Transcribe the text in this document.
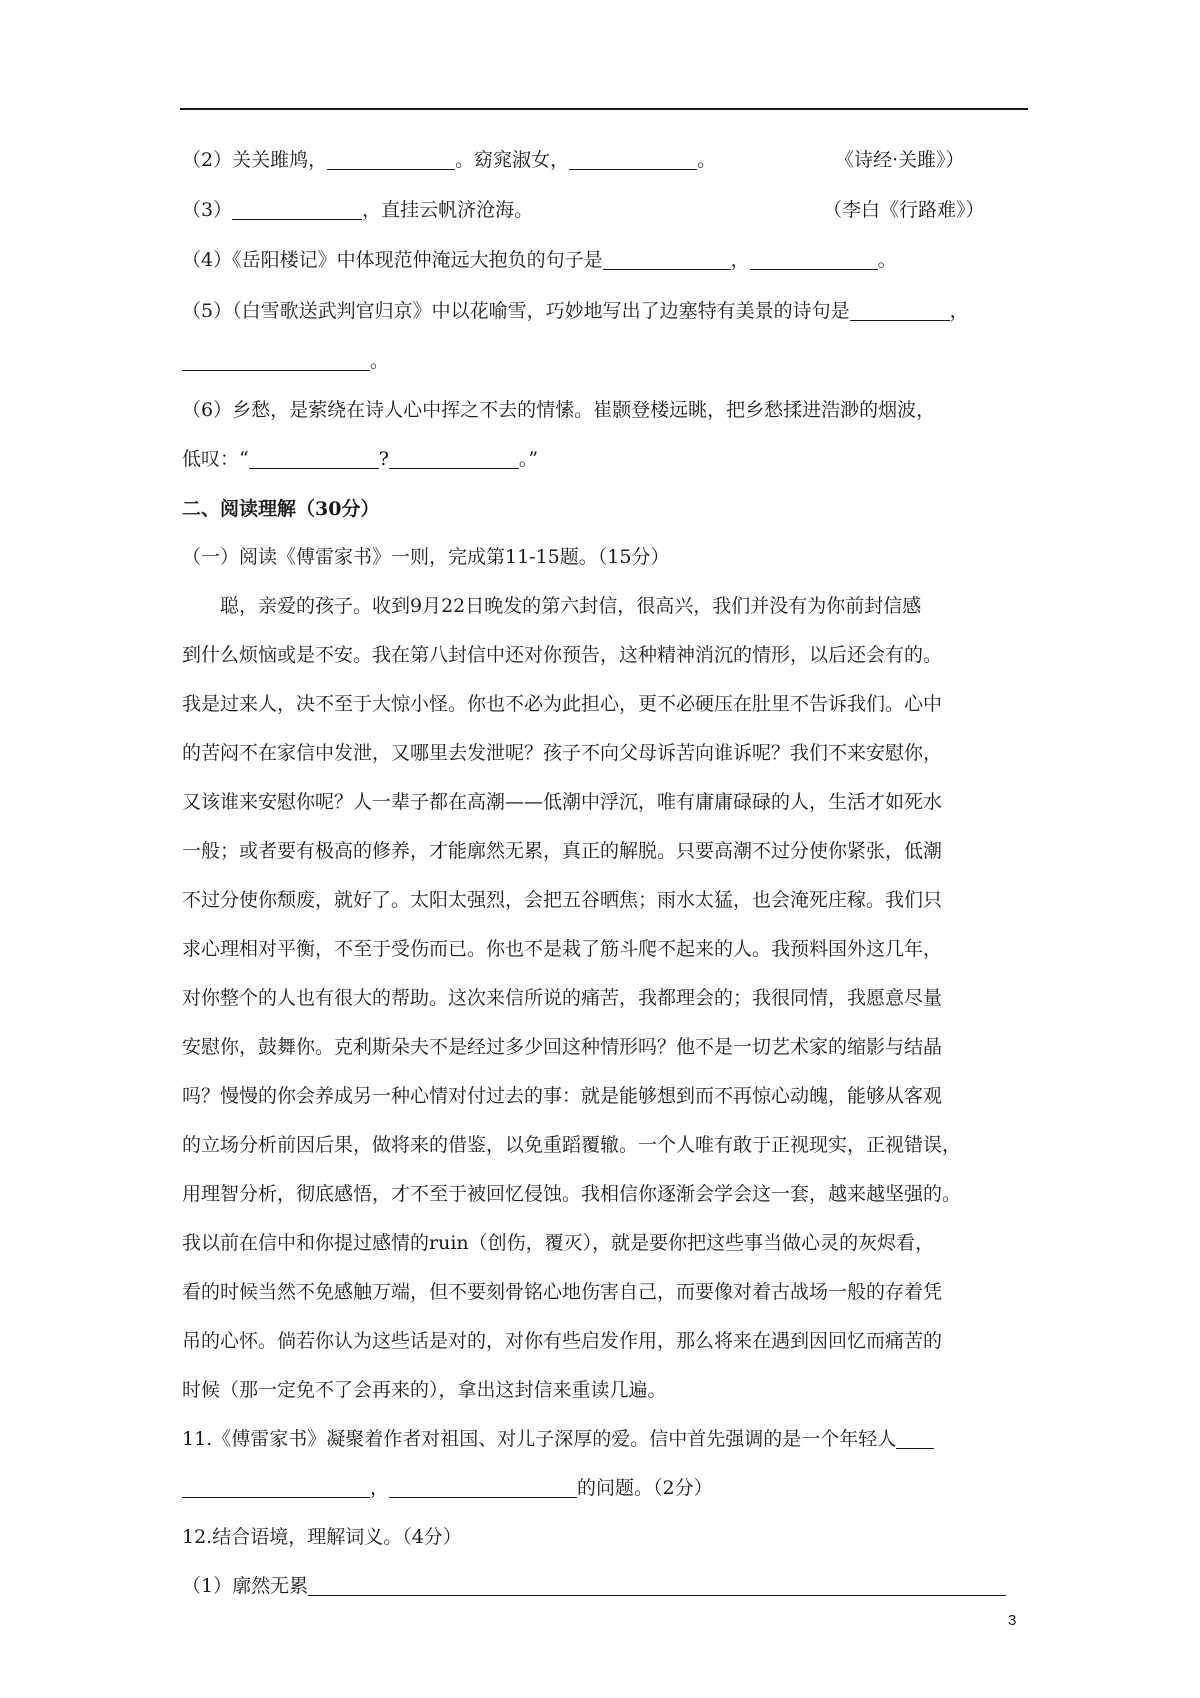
（2）关关雎鸠，	。窈窕淑女，	。	《诗经·关雎》）
（3）	，直挂云帆济沧海。	（李白《行路难》）
（4）《岳阳楼记》中体现范仲淹远大抱负的句子是	，	。
（5）（白雪歌送武判官归京》中以花喻雪，巧妙地写出了边塞特有美景的诗句是	，
。
（6）乡愁，是萦绕在诗人心中挥之不去的情愫。崔颢登楼远眺，把乡愁揉进浩渺的烟波，
低叹：“	?	。”
二、阅读理解（30分）
（一）阅读《傅雷家书》一则，完成第11-15题。（15分）
聪，亲爱的孩子。收到9月22日晚发的第六封信，很高兴，我们并没有为你前封信感
到什么烦恼或是不安。我在第八封信中还对你预告，这种精神消沉的情形，以后还会有的。
我是过来人，决不至于大惊小怪。你也不必为此担心，更不必硬压在肚里不告诉我们。心中
的苦闷不在家信中发泄，又哪里去发泄呢？孩子不向父母诉苦向谁诉呢？我们不来安慰你，
又该谁来安慰你呢？人一辈子都在高潮——低潮中浮沉，唯有庸庸碌碌的人，生活才如死水
一般；或者要有极高的修养，才能廓然无累，真正的解脱。只要高潮不过分使你紧张，低潮
不过分使你颓废，就好了。太阳太强烈，会把五谷晒焦；雨水太猛，也会淹死庄稼。我们只
求心理相对平衡，不至于受伤而已。你也不是栽了筋斗爬不起来的人。我预料国外这几年，
对你整个的人也有很大的帮助。这次来信所说的痛苦，我都理会的；我很同情，我愿意尽量
安慰你，鼓舞你。克利斯朵夫不是经过多少回这种情形吗？他不是一切艺术家的缩影与结晶
吗？慢慢的你会养成另一种心情对付过去的事：就是能够想到而不再惊心动魄，能够从客观
的立场分析前因后果，做将来的借鉴，以免重蹈覆辙。一个人唯有敢于正视现实，正视错误，
用理智分析，彻底感悟，才不至于被回忆侵蚀。我相信你逐渐会学会这一套，越来越坚强的。
我以前在信中和你提过感情的ruin（创伤，覆灭），就是要你把这些事当做心灵的灰烬看，
看的时候当然不免感触万端，但不要刻骨铭心地伤害自己，而要像对着古战场一般的存着凭
吊的心怀。倘若你认为这些话是对的，对你有些启发作用，那么将来在遇到因回忆而痛苦的
时候（那一定免不了会再来的），拿出这封信来重读几遍。
11.《傅雷家书》凝聚着作者对祖国、对儿子深厚的爱。信中首先强调的是一个年轻人
，	的问题。（2分）
12.结合语境，理解词义。（4分）
（1）廓然无累
3
